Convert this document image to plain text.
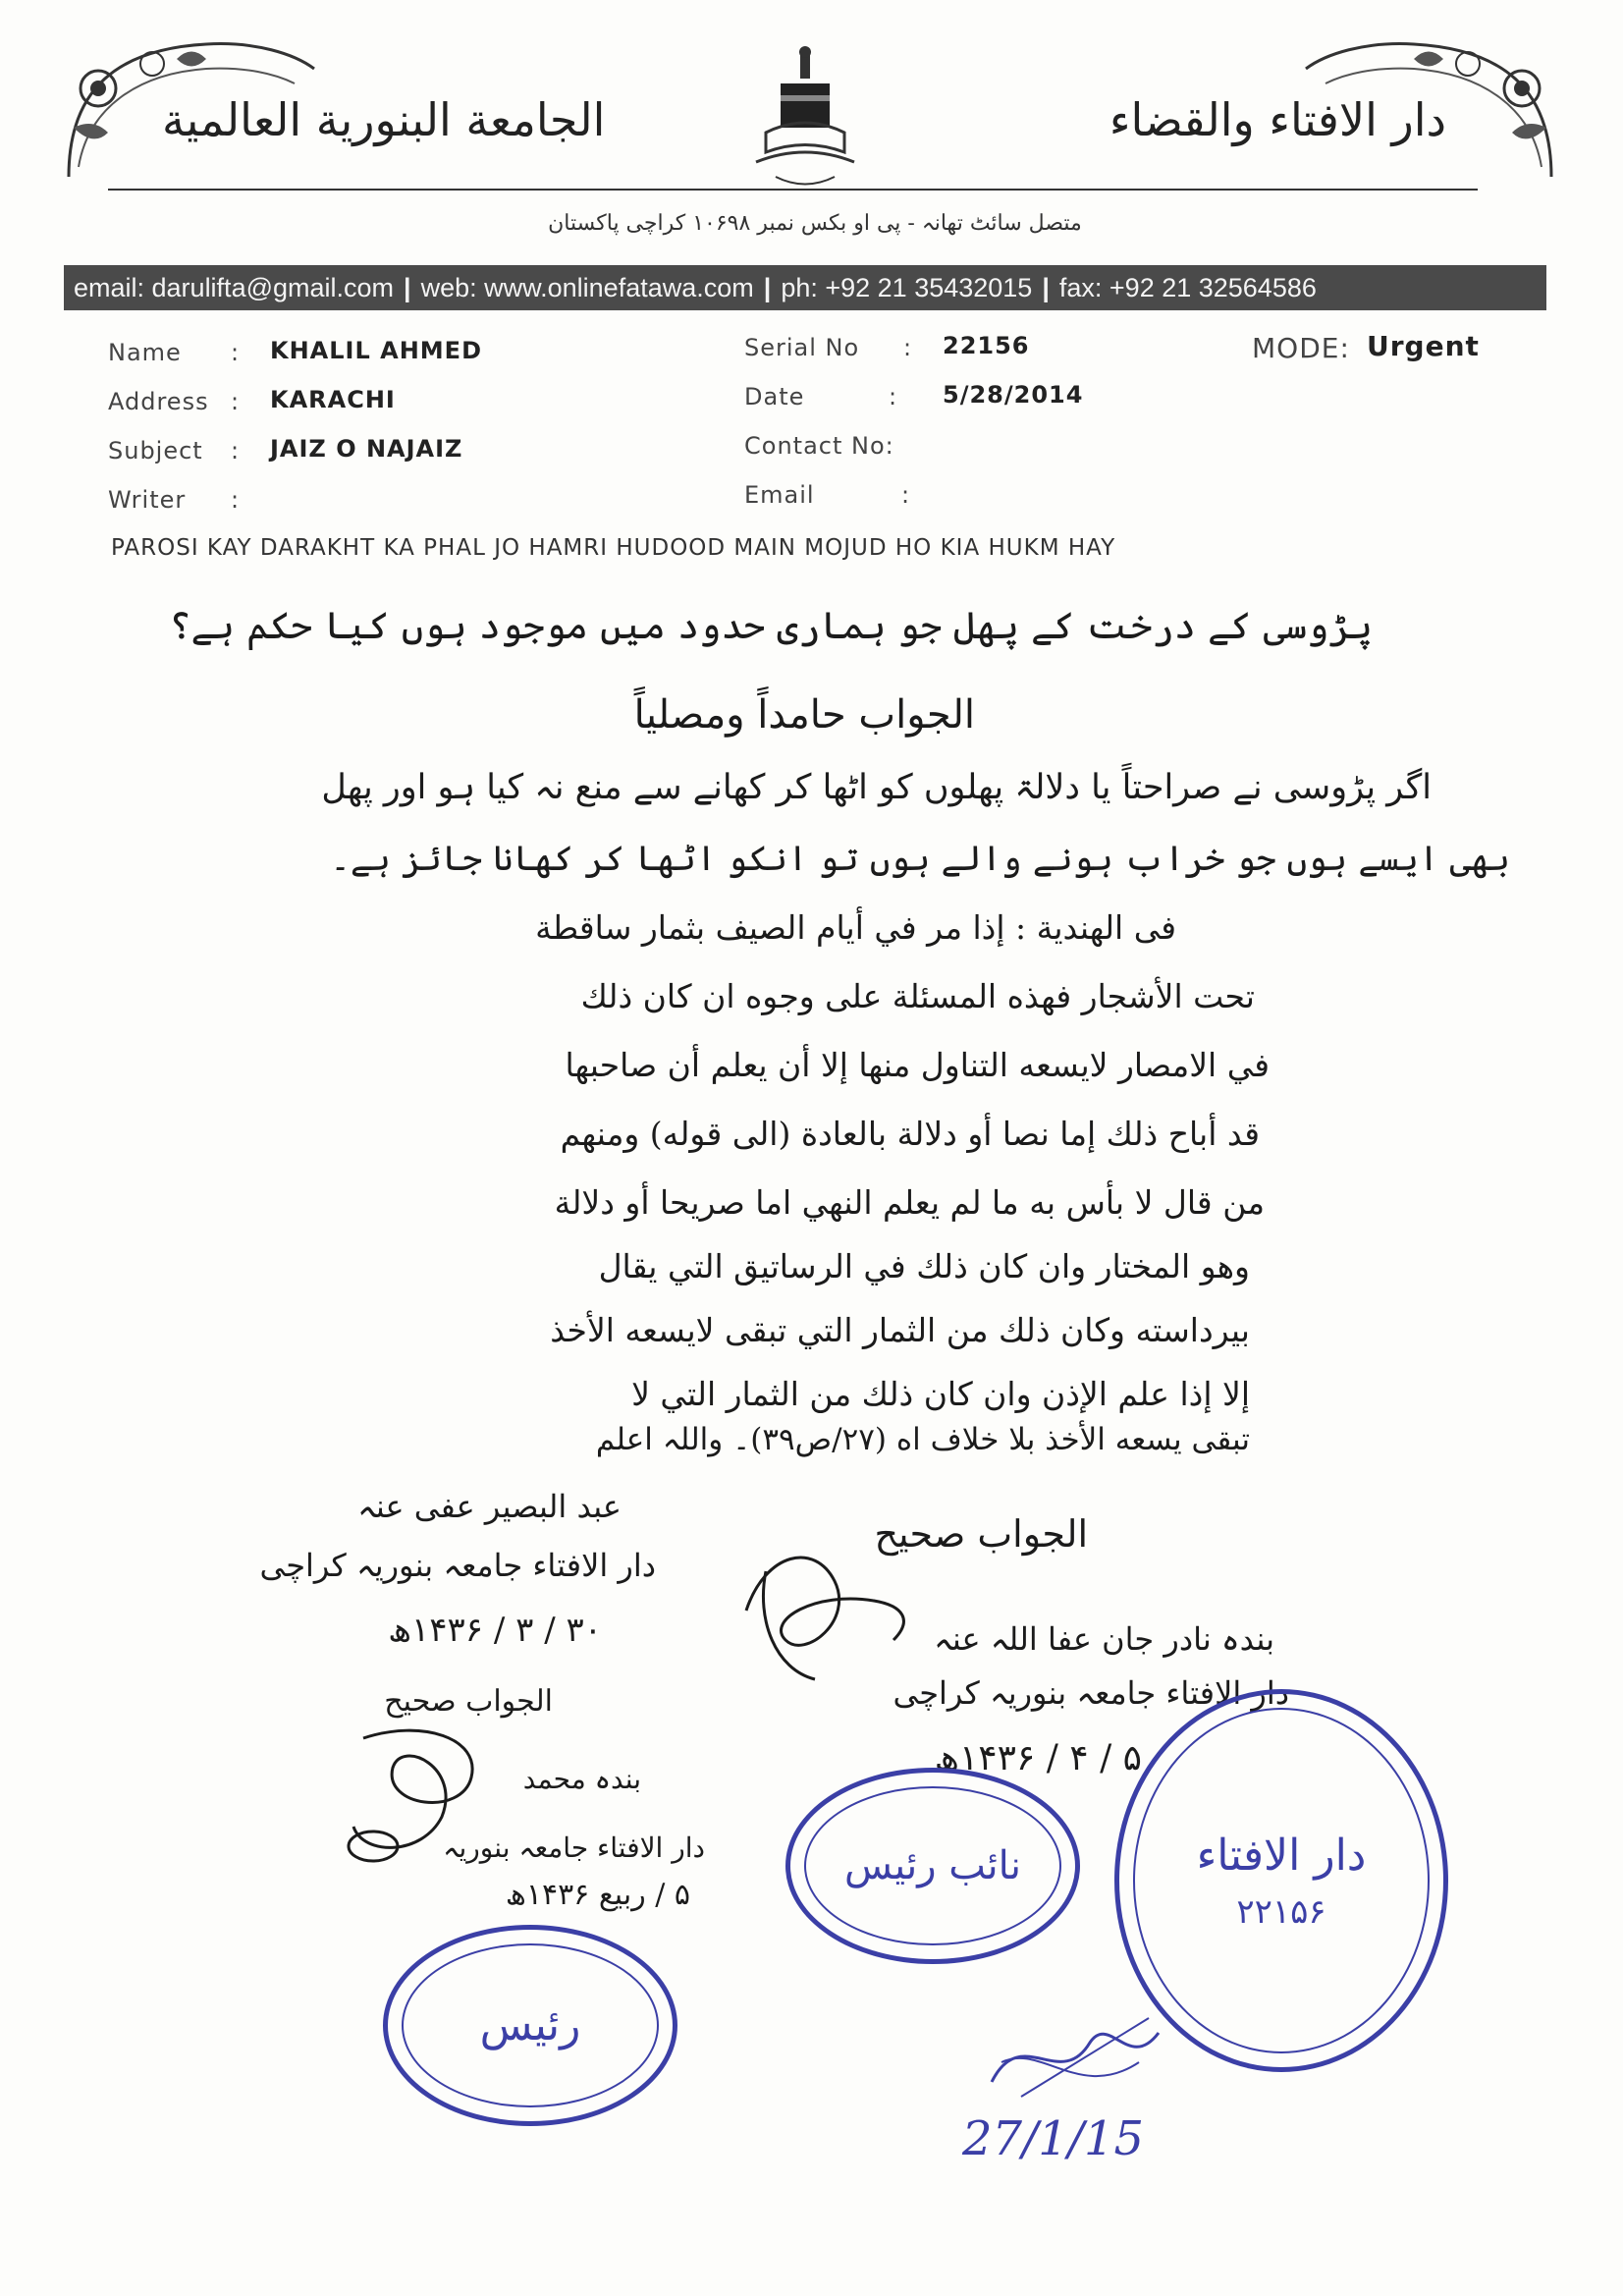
دار الافتاء والقضاء
الجامعة البنوریة العالمیة
متصل سائٹ تھانہ - پی او بکس نمبر ۱۰۶۹۸ کراچی پاکستان
email: darulifta@gmail.com | web: www.onlinefatawa.com | ph: +92 21 35432015 | fax: +92 21 32564586
Name : KHALIL AHMED
Address : KARACHI
Subject : JAIZ O NAJAIZ
Writer :
Serial No : 22156
Date	: 5/28/2014
Contact No:
Email	:
MODE: Urgent
PAROSI KAY DARAKHT KA PHAL JO HAMRI HUDOOD MAIN MOJUD HO KIA HUKM HAY
پڑوسی کے درخت کے پھل جو ہماری حدود میں موجود ہوں کیا حکم ہے؟
الجواب حامداً ومصلیاً
اگر پڑوسی نے صراحتاً یا دلالۃ پھلوں کو اٹھا کر کھانے سے منع نہ کیا ہو اور پھل
بھی ایسے ہوں جو خراب ہونے والے ہوں تو انکو اٹھا کر کھانا جائز ہے۔
فی الهندیة : إذا مر في أيام الصيف بثمار ساقطة
تحت الأشجار فهذه المسئلة على وجوه ان كان ذلك
في الامصار لايسعه التناول منها إلا أن يعلم أن صاحبها
قد أباح ذلك إما نصا أو دلالة بالعادة (الى قوله) ومنهم
من قال لا بأس به ما لم يعلم النهي اما صريحا أو دلالة
وهو المختار وان كان ذلك في الرساتيق التي يقال
بيرداسته وكان ذلك من الثمار التي تبقى لايسعه الأخذ
إلا إذا علم الإذن وان كان ذلك من الثمار التي لا
تبقى يسعه الأخذ بلا خلاف اه (۲۷/ص۳۹)۔ واللہ اعلم
عبد البصیر عفی عنہ
دار الافتاء جامعہ بنوریہ کراچی
۳۰ / ۳ / ۱۴۳۶ھ
الجواب صحیح
بندہ نادر جان عفا اللہ عنہ
دار الافتاء جامعہ بنوریہ کراچی
۵ / ۴ / ۱۴۳۶ھ
الجواب صحیح
بندہ محمد
دار الافتاء جامعہ بنوریہ
۵ / ربیع ۱۴۳۶ھ
نائب رئیس
رئیس
دار الافتاء
۲۲۱۵۶
27/1/15
